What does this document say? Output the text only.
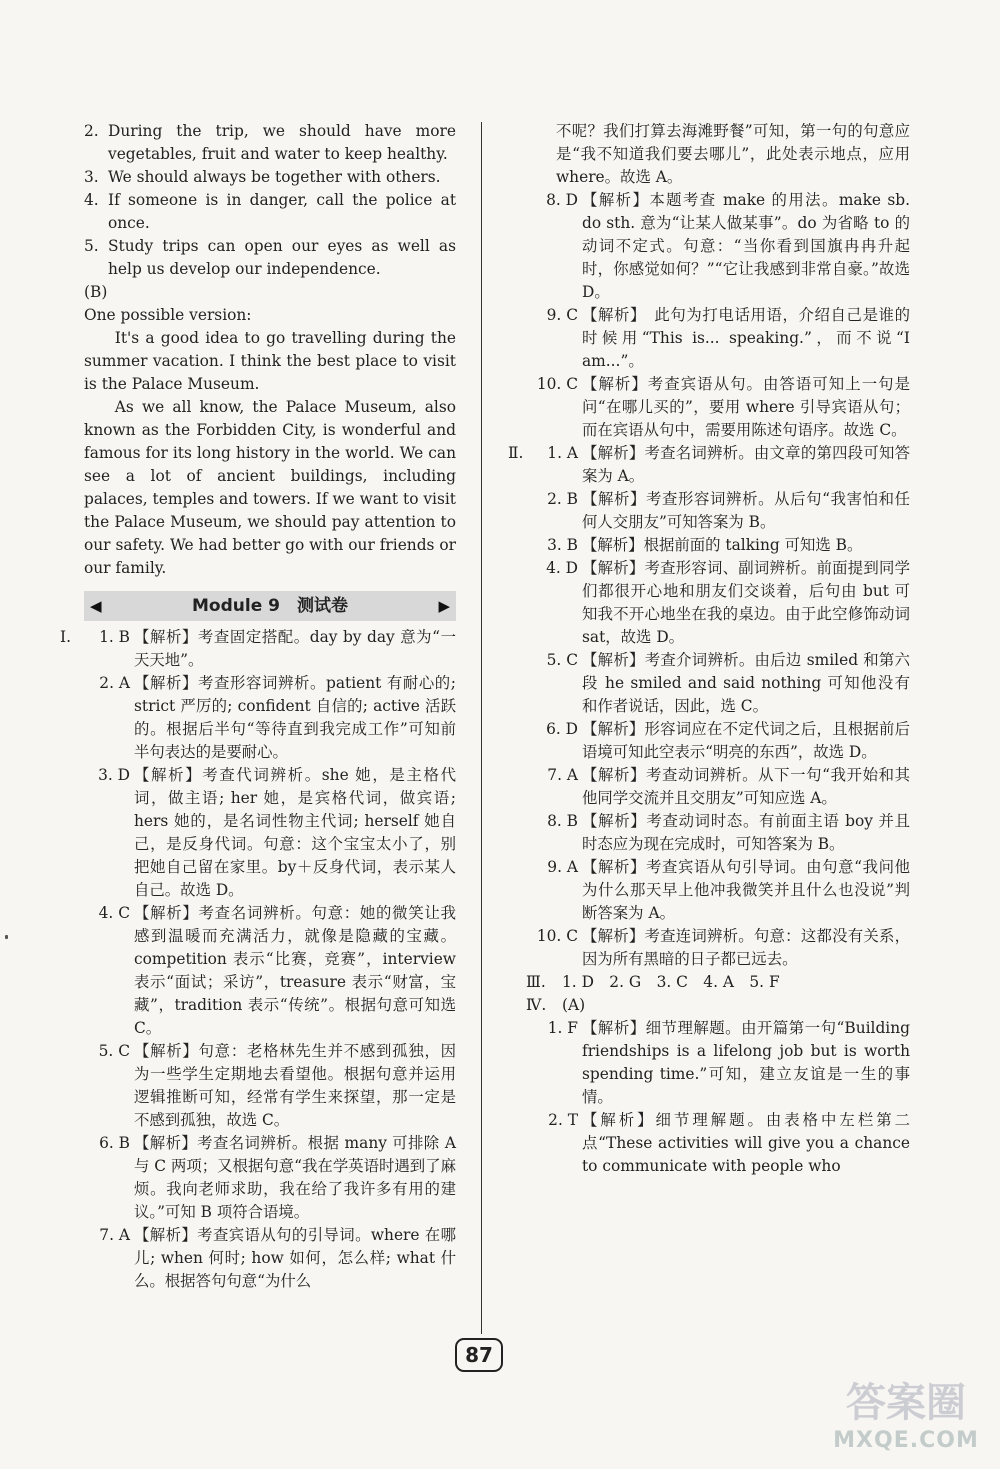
2. During the trip, we should have more vegetables, fruit and water to keep healthy.

3. We should always be together with others.

4. If someone is in danger, call the police at once.

5. Study trips can open our eyes as well as help us develop our independence.

(B)

One possible version:

It's a good idea to go travelling during the summer vacation. I think the best place to visit is the Palace Museum.

As we all know, the Palace Museum, also known as the Forbidden City, is wonderful and famous for its long history in the world. We can see a lot of ancient buildings, including palaces, temples and towers. If we want to visit the Palace Museum, we should pay attention to our safety. We had better go with our friends or our family.

◀	Module 9　测试卷	▶

Ⅰ.	1. B 【解析】考查固定搭配。day by day 意为“一天天地”。

2. A 【解析】考查形容词辨析。patient 有耐心的; strict 严厉的; confident 自信的; active 活跃的。根据后半句“等待直到我完成工作”可知前半句表达的是要耐心。

3. D 【解析】考查代词辨析。she 她，是主格代词，做主语; her 她，是宾格代词，做宾语; hers 她的，是名词性物主代词; herself 她自己，是反身代词。句意：这个宝宝太小了，别把她自己留在家里。by＋反身代词，表示某人自己。故选 D。

4. C 【解析】考查名词辨析。句意：她的微笑让我感到温暖而充满活力，就像是隐藏的宝藏。competition 表示“比赛，竞赛”，interview 表示“面试；采访”，treasure 表示“财富，宝藏”，tradition 表示“传统”。根据句意可知选 C。

5. C 【解析】句意：老格林先生并不感到孤独，因为一些学生定期地去看望他。根据句意并运用逻辑推断可知，经常有学生来探望，那一定是不感到孤独，故选 C。

6. B 【解析】考查名词辨析。根据 many 可排除 A 与 C 两项；又根据句意“我在学英语时遇到了麻烦。我向老师求助，我在给了我许多有用的建议。”可知 B 项符合语境。

7. A 【解析】考查宾语从句的引导词。where 在哪儿; when 何时; how 如何，怎么样; what 什么。根据答句句意“为什么

不呢？我们打算去海滩野餐”可知，第一句的句意应是“我不知道我们要去哪儿”，此处表示地点，应用 where。故选 A。

8. D 【解析】本题考查 make 的用法。make sb. do sth. 意为“让某人做某事”。do 为省略 to 的动词不定式。句意：“当你看到国旗冉冉升起时，你感觉如何？”“它让我感到非常自豪。”故选 D。

9. C 【解析】　此句为打电话用语，介绍自己是谁的时候用“This is... speaking.”，而不说“I am...”。

10. C 【解析】考查宾语从句。由答语可知上一句是问“在哪儿买的”，要用 where 引导宾语从句；而在宾语从句中，需要用陈述句语序。故选 C。

Ⅱ.	1. A 【解析】考查名词辨析。由文章的第四段可知答案为 A。

2. B 【解析】考查形容词辨析。从后句“我害怕和任何人交朋友”可知答案为 B。

3. B 【解析】根据前面的 talking 可知选 B。

4. D 【解析】考查形容词、副词辨析。前面提到同学们都很开心地和朋友们交谈着，后句由 but 可知我不开心地坐在我的桌边。由于此空修饰动词 sat，故选 D。

5. C 【解析】考查介词辨析。由后边 smiled 和第六段 he smiled and said nothing 可知他没有和作者说话，因此，选 C。

6. D 【解析】形容词应在不定代词之后，且根据前后语境可知此空表示“明亮的东西”，故选 D。

7. A 【解析】考查动词辨析。从下一句“我开始和其他同学交流并且交朋友”可知应选 A。

8. B 【解析】考查动词时态。有前面主语 boy 并且时态应为现在完成时，可知答案为 B。

9. A 【解析】考查宾语从句引导词。由句意“我问他为什么那天早上他冲我微笑并且什么也没说”判断答案为 A。

10. C 【解析】考查连词辨析。句意：这都没有关系，因为所有黑暗的日子都已远去。

Ⅲ. 1. D　2. G　3. C　4. A　5. F
Ⅳ. (A)

1. F 【解析】细节理解题。由开篇第一句“Building friendships is a lifelong job but is worth spending time.”可知，建立友谊是一生的事情。

2. T 【解析】细节理解题。由表格中左栏第二点“These activities will give you a chance to communicate with people who

87
答案圈
MXQE.COM
